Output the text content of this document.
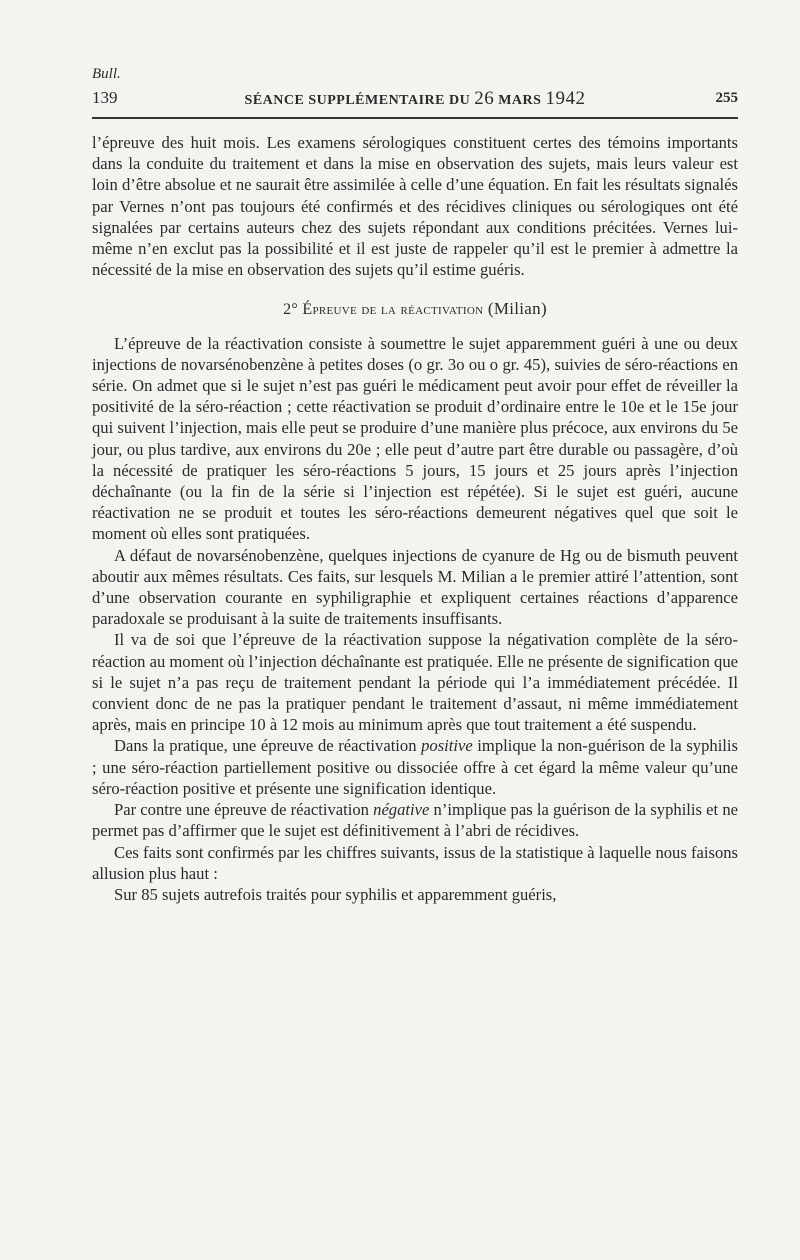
Bull.
139	SÉANCE SUPPLÉMENTAIRE DU 26 MARS 1942	255

l’épreuve des huit mois. Les examens sérologiques constituent certes des témoins importants dans la conduite du traitement et dans la mise en observation des sujets, mais leurs valeur est loin d’être absolue et ne saurait être assimilée à celle d’une équation. En fait les résultats signalés par Vernes n’ont pas toujours été confirmés et des récidives cliniques ou sérologiques ont été signalées par certains auteurs chez des sujets répondant aux conditions précitées. Vernes lui-même n’en exclut pas la possibilité et il est juste de rappeler qu’il est le premier à admettre la nécessité de la mise en observation des sujets qu’il estime guéris.

2° Épreuve de la réactivation (Milian)

L’épreuve de la réactivation consiste à soumettre le sujet apparemment guéri à une ou deux injections de novarsénobenzène à petites doses (o gr. 3o ou o gr. 45), suivies de séro-réactions en série. On admet que si le sujet n’est pas guéri le médicament peut avoir pour effet de réveiller la positivité de la séro-réaction ; cette réactivation se produit d’ordinaire entre le 10e et le 15e jour qui suivent l’injection, mais elle peut se produire d’une manière plus précoce, aux environs du 5e jour, ou plus tardive, aux environs du 20e ; elle peut d’autre part être durable ou passagère, d’où la nécessité de pratiquer les séro-réactions 5 jours, 15 jours et 25 jours après l’injection déchaînante (ou la fin de la série si l’injection est répétée). Si le sujet est guéri, aucune réactivation ne se produit et toutes les séro-réactions demeurent négatives quel que soit le moment où elles sont pratiquées.

A défaut de novarsénobenzène, quelques injections de cyanure de Hg ou de bismuth peuvent aboutir aux mêmes résultats. Ces faits, sur lesquels M. Milian a le premier attiré l’attention, sont d’une observation courante en syphiligraphie et expliquent certaines réactions d’apparence paradoxale se produisant à la suite de traitements insuffisants.

Il va de soi que l’épreuve de la réactivation suppose la négativation complète de la séro-réaction au moment où l’injection déchaînante est pratiquée. Elle ne présente de signification que si le sujet n’a pas reçu de traitement pendant la période qui l’a immédiatement précédée. Il convient donc de ne pas la pratiquer pendant le traitement d’assaut, ni même immédiatement après, mais en principe 10 à 12 mois au minimum après que tout traitement a été suspendu.

Dans la pratique, une épreuve de réactivation positive implique la non-guérison de la syphilis ; une séro-réaction partiellement positive ou dissociée offre à cet égard la même valeur qu’une séro-réaction positive et présente une signification identique.

Par contre une épreuve de réactivation négative n’implique pas la guérison de la syphilis et ne permet pas d’affirmer que le sujet est définitivement à l’abri de récidives.

Ces faits sont confirmés par les chiffres suivants, issus de la statistique à laquelle nous faisons allusion plus haut :

Sur 85 sujets autrefois traités pour syphilis et apparemment guéris,
